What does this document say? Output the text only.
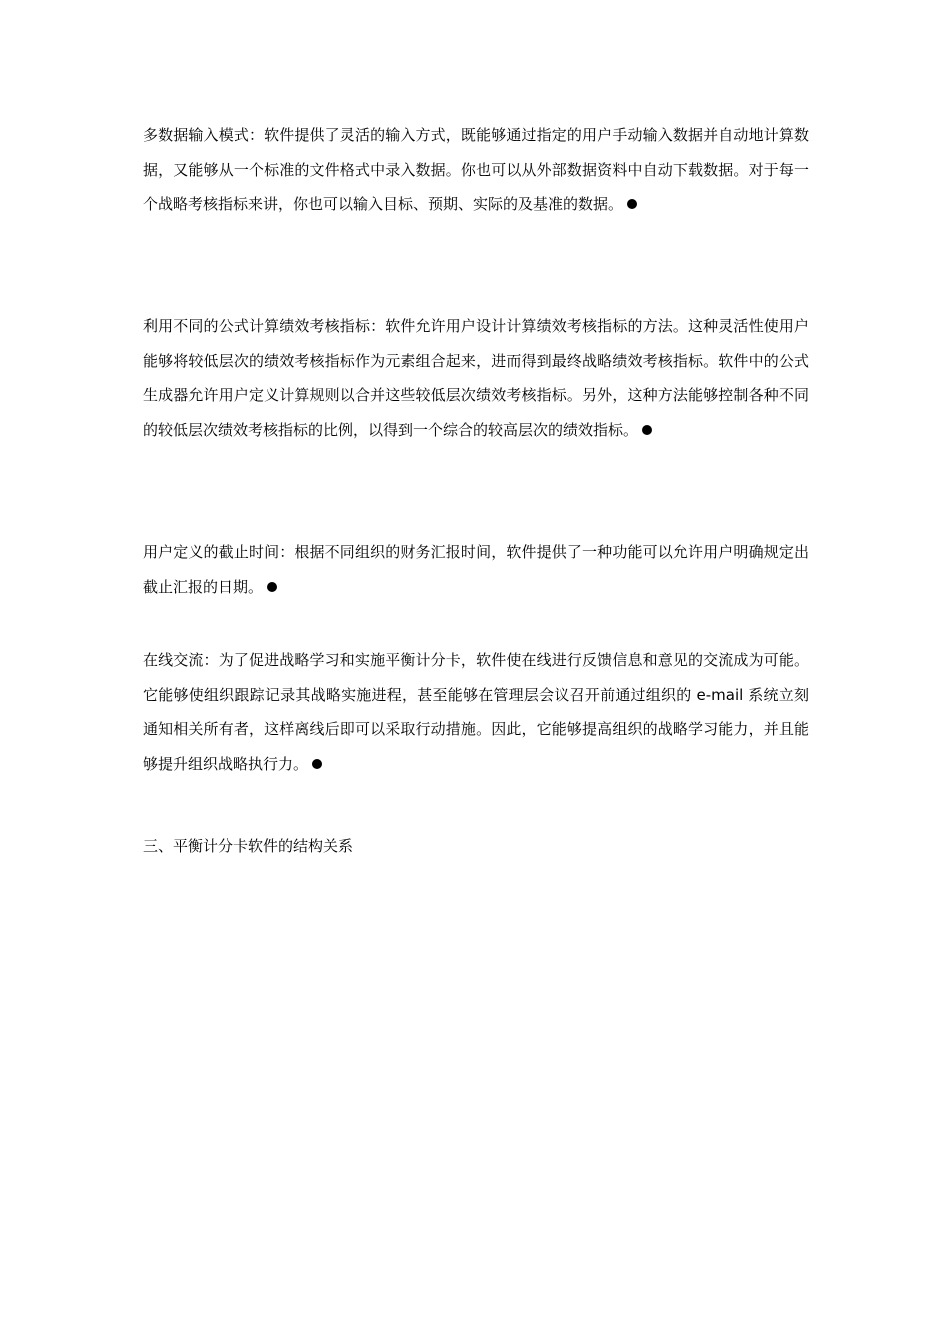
多数据输入模式：软件提供了灵活的输入方式，既能够通过指定的用户手动输入数据并自动地计算数据，又能够从一个标准的文件格式中录入数据。你也可以从外部数据资料中自动下载数据。对于每一个战略考核指标来讲，你也可以输入目标、预期、实际的及基准的数据。

利用不同的公式计算绩效考核指标：软件允许用户设计计算绩效考核指标的方法。这种灵活性使用户能够将较低层次的绩效考核指标作为元素组合起来，进而得到最终战略绩效考核指标。软件中的公式生成器允许用户定义计算规则以合并这些较低层次绩效考核指标。另外，这种方法能够控制各种不同的较低层次绩效考核指标的比例，以得到一个综合的较高层次的绩效指标。

用户定义的截止时间：根据不同组织的财务汇报时间，软件提供了一种功能可以允许用户明确规定出截止汇报的日期。

在线交流：为了促进战略学习和实施平衡计分卡，软件使在线进行反馈信息和意见的交流成为可能。它能够使组织跟踪记录其战略实施进程，甚至能够在管理层会议召开前通过组织的 e-mail 系统立刻通知相关所有者，这样离线后即可以采取行动措施。因此，它能够提高组织的战略学习能力，并且能够提升组织战略执行力。

三、平衡计分卡软件的结构关系
